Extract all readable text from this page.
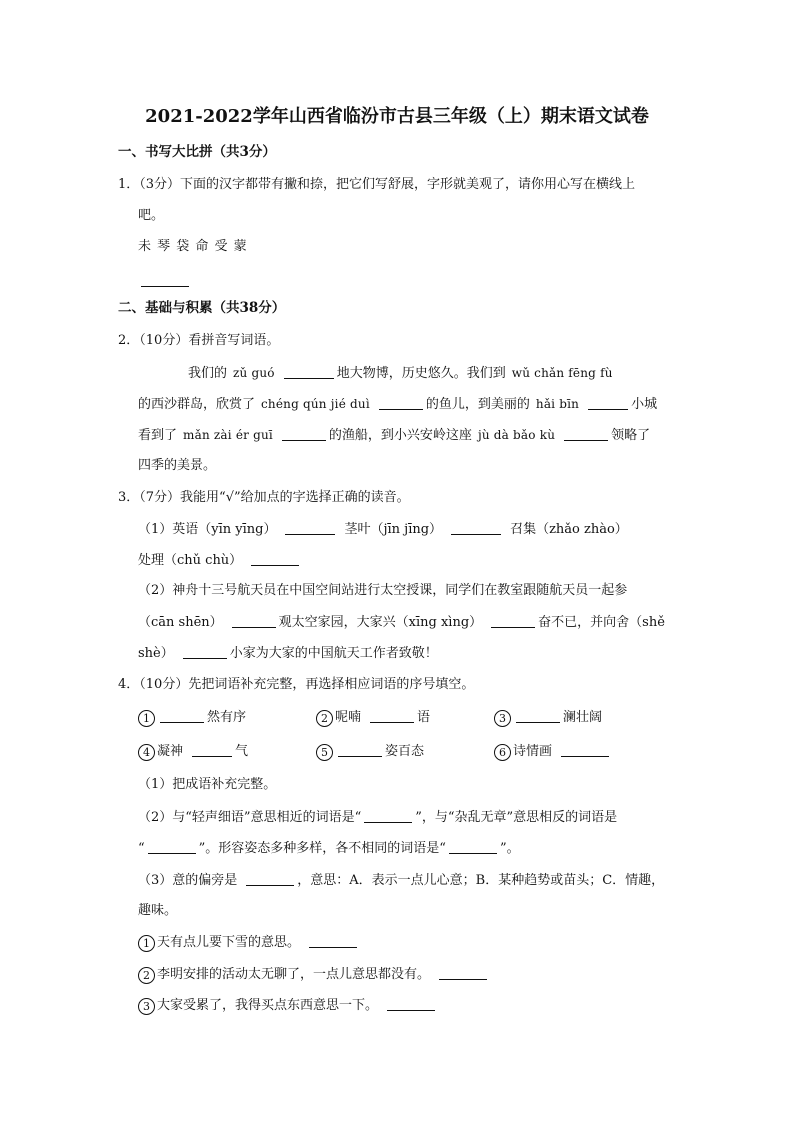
2021-2022学年山西省临汾市古县三年级（上）期末语文试卷
一、书写大比拼（共3分）
1．（3分）下面的汉字都带有撇和捺，把它们写舒展，字形就美观了，请你用心写在横线上
吧。
未 琴 袋 命 受 蒙
二、基础与积累（共38分）
2．（10分）看拼音写词语。
我们的 zǔ guó	地大物博，历史悠久。我们到 wǔ chǎn fēng fù
的西沙群岛，欣赏了 chéng qún jié duì	的鱼儿，到美丽的 hǎi bīn	小城
看到了 mǎn zài ér guī	的渔船，到小兴安岭这座 jù dà bǎo kù	领略了
四季的美景。
3．（7分）我能用“√”给加点的字选择正确的读音。
（1）英语（yīn yīng）	茎叶（jīn jīng）	召集（zhǎo zhào）
处理（chǔ chù）
（2）神舟十三号航天员在中国空间站进行太空授课，同学们在教室跟随航天员一起参
（cān shēn）	观太空家园，大家兴（xīng xìng）	奋不已，并向舍（shě
shè）	小家为大家的中国航天工作者致敬！
4．（10分）先把词语补充完整，再选择相应词语的序号填空。
1	然有序	2 呢喃	语	3	澜壮阔
4 凝神	气	5	姿百态	6 诗情画
（1）把成语补充完整。
（2）与“轻声细语”意思相近的词语是“	”，与“杂乱无章”意思相反的词语是
“	”。形容姿态多种多样，各不相同的词语是“	”。
（3）意的偏旁是	，意思：A．表示一点儿心意；B．某种趋势或苗头；C．情趣，
趣味。
1 天有点儿要下雪的意思。
2 李明安排的活动太无聊了，一点儿意思都没有。
3 大家受累了，我得买点东西意思一下。
